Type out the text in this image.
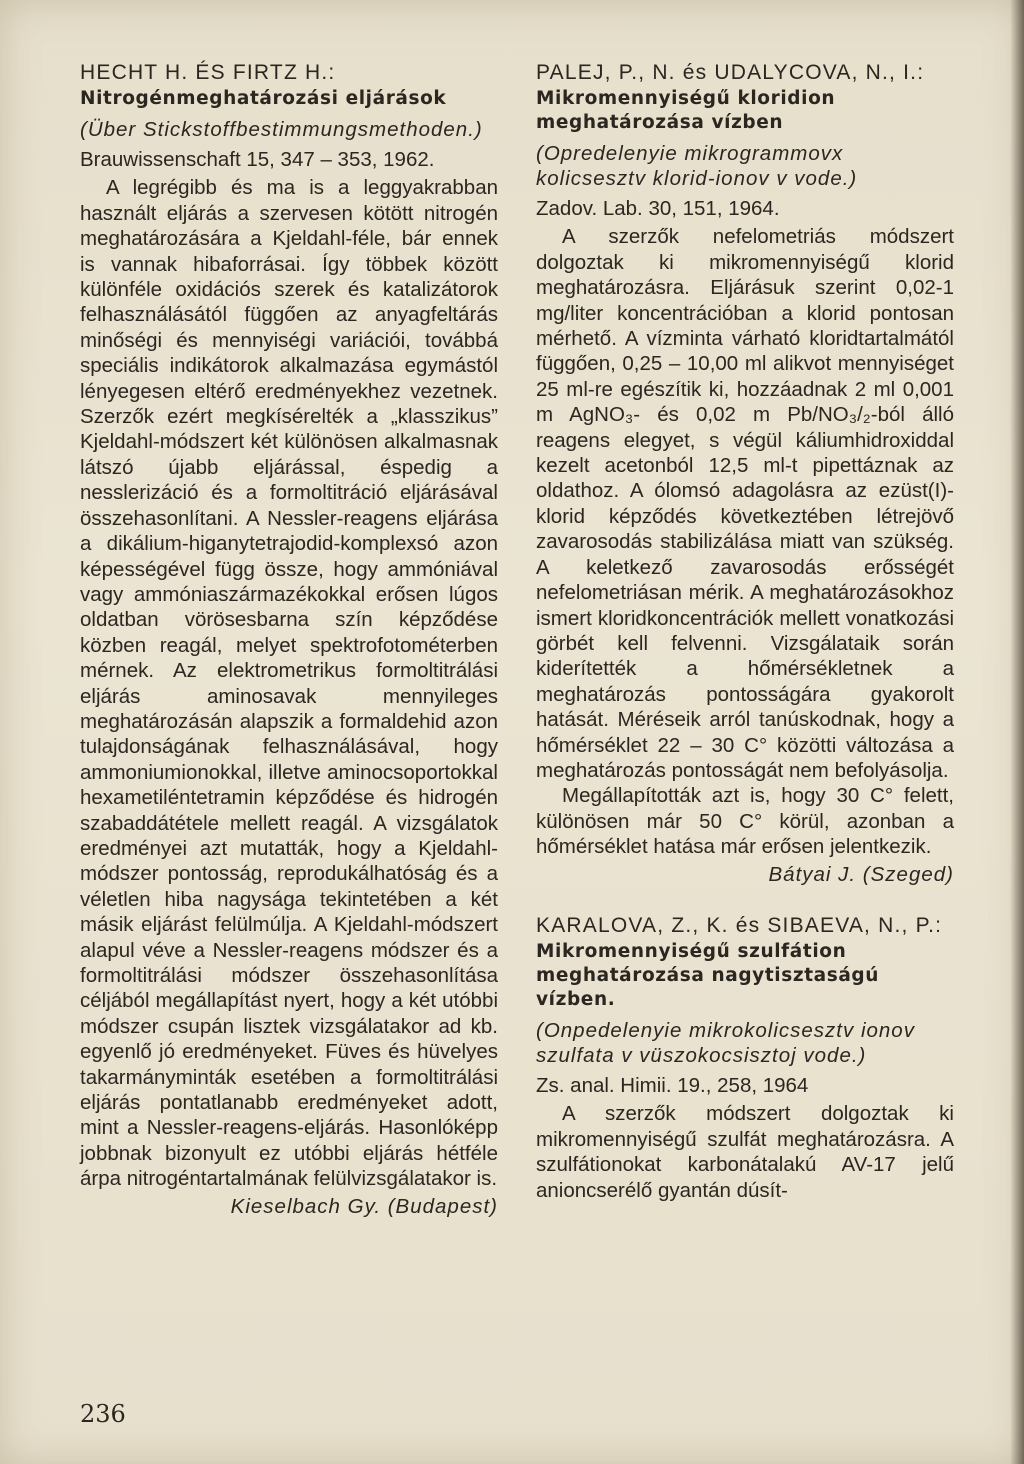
HECHT H. ÉS FIRTZ H.:
Nitrogénmeghatározási eljárások
(Über Stickstoffbestimmungsmethoden.)
Brauwissenschaft 15, 347 – 353, 1962.

A legrégibb és ma is a leggyakrabban használt eljárás a szervesen kötött nitrogén meghatározására a Kjeldahl-féle, bár ennek is vannak hibaforrásai. Így többek között különféle oxidációs szerek és katalizátorok felhasználásától függően az anyagfeltárás minőségi és mennyiségi variációi, továbbá speciális indikátorok alkalmazása egymástól lényegesen eltérő eredményekhez vezetnek. Szerzők ezért megkísérelték a „klasszikus” Kjeldahl-módszert két különösen alkalmasnak látszó újabb eljárással, éspedig a nesslerizáció és a formoltitráció eljárásával összehasonlítani. A Nessler-reagens eljárása a dikálium-higanytetrajodid-komplexsó azon képességével függ össze, hogy ammóniával vagy ammóniaszármazékokkal erősen lúgos oldatban vörösesbarna szín képződése közben reagál, melyet spektrofotométerben mérnek. Az elektrometrikus formoltitrálási eljárás aminosavak mennyileges meghatározásán alapszik a formaldehid azon tulajdonságának felhasználásával, hogy ammoniumionokkal, illetve aminocsoportokkal hexametiléntetramin képződése és hidrogén szabaddátétele mellett reagál. A vizsgálatok eredményei azt mutatták, hogy a Kjeldahl-módszer pontosság, reprodukálhatóság és a véletlen hiba nagysága tekintetében a két másik eljárást felülmúlja. A Kjeldahl-módszert alapul véve a Nessler-reagens módszer és a formoltitrálási módszer összehasonlítása céljából megállapítást nyert, hogy a két utóbbi módszer csupán lisztek vizsgálatakor ad kb. egyenlő jó eredményeket. Füves és hüvelyes takarmányminták esetében a formoltitrálási eljárás pontatlanabb eredményeket adott, mint a Nessler-reagens-eljárás. Hasonlóképp jobbnak bizonyult ez utóbbi eljárás hétféle árpa nitrogéntartalmának felülvizsgálatakor is.

Kieselbach Gy. (Budapest)
PALEJ, P., N. és UDALYCOVA, N., I.:
Mikromennyiségű kloridion meghatározása vízben
(Opredelenyie mikrogrammovx kolicsesztv klorid-ionov v vode.)
Zadov. Lab. 30, 151, 1964.

A szerzők nefelometriás módszert dolgoztak ki mikromennyiségű klorid meghatározásra. Eljárásuk szerint 0,02-1 mg/liter koncentrációban a klorid pontosan mérhető. A vízminta várható kloridtartalmától függően, 0,25 – 10,00 ml alikvot mennyiséget 25 ml-re egészítik ki, hozzáadnak 2 ml 0,001 m AgNO₃- és 0,02 m Pb/NO₃/₂-ból álló reagens elegyet, s végül káliumhidroxiddal kezelt acetonból 12,5 ml-t pipettáznak az oldathoz. A ólomsó adagolásra az ezüst(I)-klorid képződés következtében létrejövő zavarosodás stabilizálása miatt van szükség. A keletkező zavarosodás erősségét nefelometriásan mérik. A meghatározásokhoz ismert kloridkoncentrációk mellett vonatkozási görbét kell felvenni. Vizsgálataik során kiderítették a hőmérsékletnek a meghatározás pontosságára gyakorolt hatását. Méréseik arról tanúskodnak, hogy a hőmérséklet 22 – 30 C° közötti változása a meghatározás pontosságát nem befolyásolja.

Megállapították azt is, hogy 30 C° felett, különösen már 50 C° körül, azonban a hőmérséklet hatása már erősen jelentkezik.

Bátyai J. (Szeged)
KARALOVA, Z., K. és SIBAEVA, N., P.:
Mikromennyiségű szulfátion meghatározása nagytisztaságú vízben.
(Onpedelenyie mikrokolicsesztv ionov szulfata v vüszokocsisztoj vode.)
Zs. anal. Himii. 19., 258, 1964

A szerzők módszert dolgoztak ki mikromennyiségű szulfát meghatározásra. A szulfátionokat karbonátalakú AV-17 jelű anioncserélő gyantán dúsít-

236
